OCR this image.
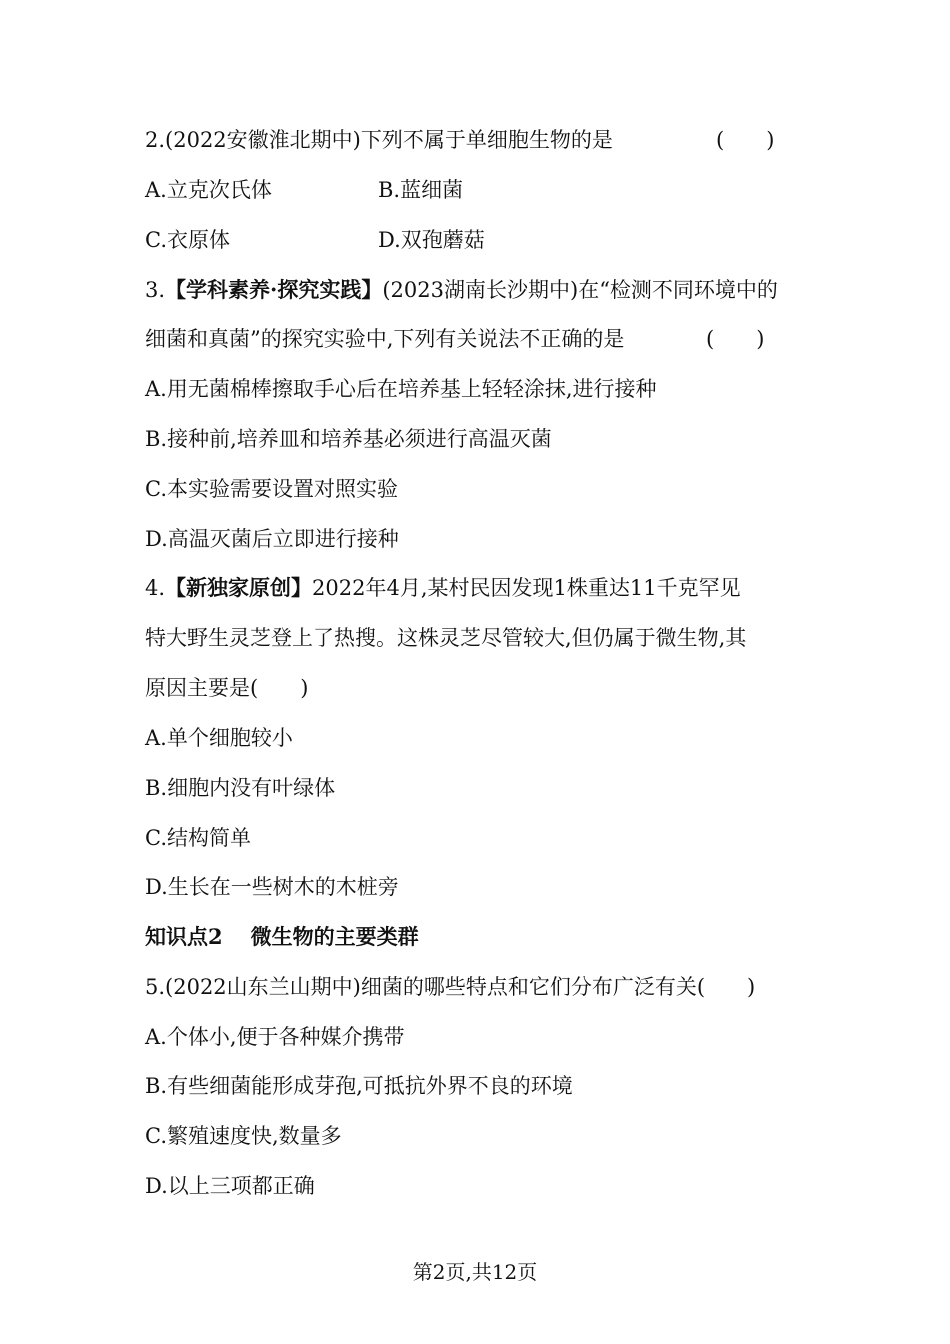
2.(2022安徽淮北期中)下列不属于单细胞生物的是	(　　)
A.立克次氏体	B.蓝细菌
C.衣原体	D.双孢蘑菇
3.【学科素养·探究实践】(2023湖南长沙期中)在“检测不同环境中的
细菌和真菌”的探究实验中,下列有关说法不正确的是	(　　)
A.用无菌棉棒擦取手心后在培养基上轻轻涂抹,进行接种
B.接种前,培养皿和培养基必须进行高温灭菌
C.本实验需要设置对照实验
D.高温灭菌后立即进行接种
4.【新独家原创】2022年4月,某村民因发现1株重达11千克罕见
特大野生灵芝登上了热搜。这株灵芝尽管较大,但仍属于微生物,其
原因主要是(　　)
A.单个细胞较小
B.细胞内没有叶绿体
C.结构简单
D.生长在一些树木的木桩旁
知识点2 微生物的主要类群
5.(2022山东兰山期中)细菌的哪些特点和它们分布广泛有关(　　)
A.个体小,便于各种媒介携带
B.有些细菌能形成芽孢,可抵抗外界不良的环境
C.繁殖速度快,数量多
D.以上三项都正确
第2页,共12页
